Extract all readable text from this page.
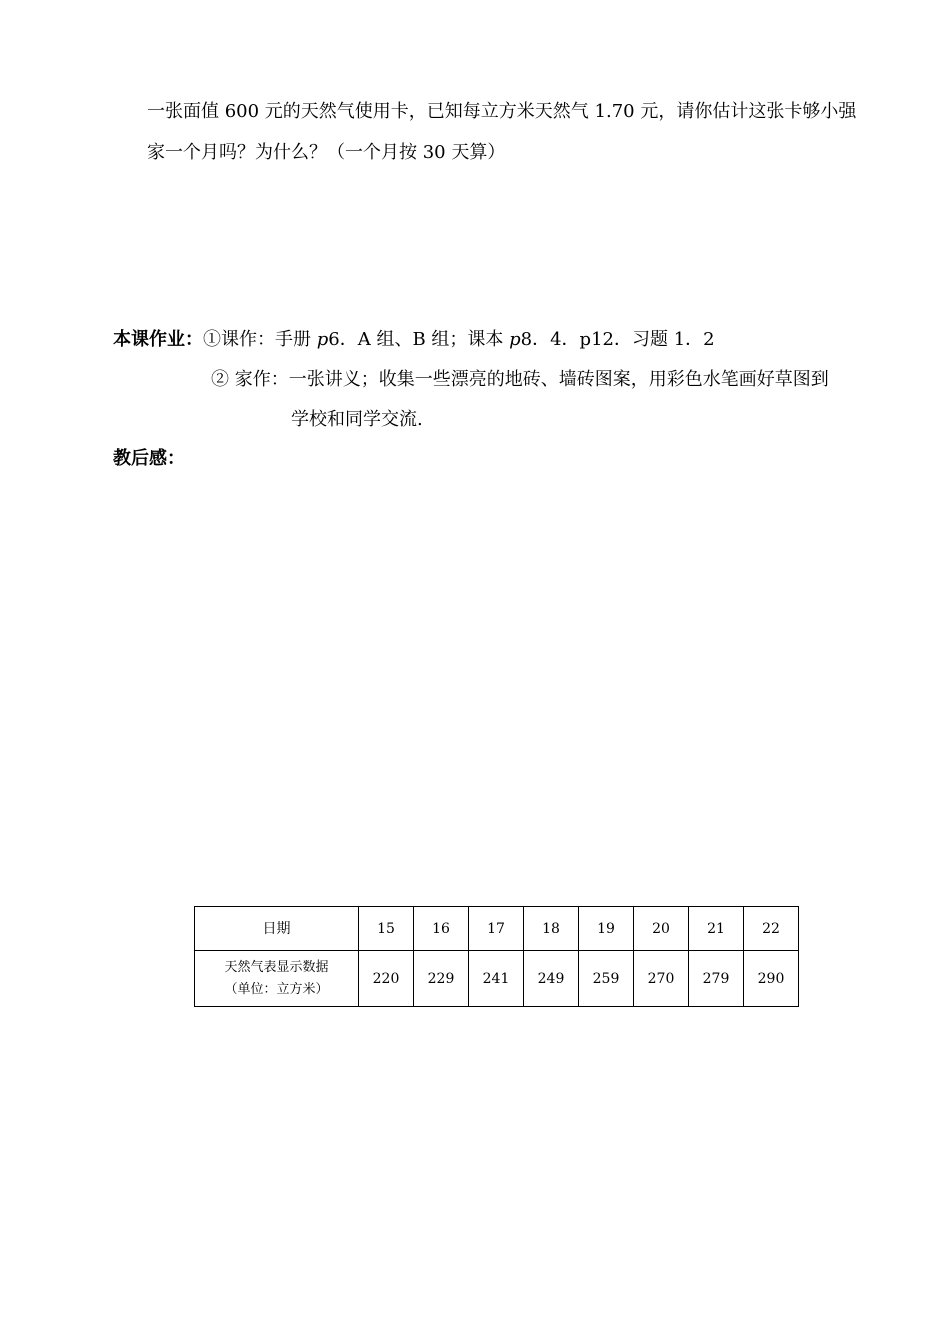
一张面值 600 元的天然气使用卡，已知每立方米天然气 1.70 元，请你估计这张卡够小强
家一个月吗？为什么？（一个月按 30 天算）
本课作业：①课作：手册 p6．A 组、B 组；课本 p8．4．p12．习题 1．2
② 家作：一张讲义；收集一些漂亮的地砖、墙砖图案，用彩色水笔画好草图到
学校和同学交流.
教后感：
日期	15	16	17	18	19	20	21	22

天然气表显示数据
（单位：立方米）	220	229	241	249	259	270	279	290
